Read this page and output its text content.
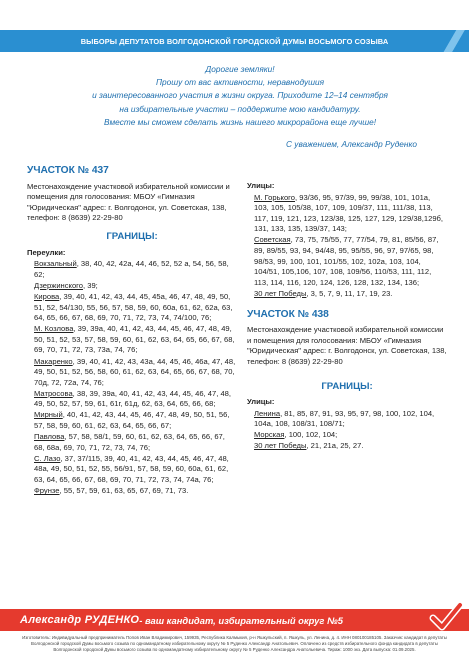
ВЫБОРЫ ДЕПУТАТОВ ВОЛГОДОНСКОЙ ГОРОДСКОЙ ДУМЫ ВОСЬМОГО СОЗЫВА
Дорогие земляки!
Прошу от вас активности, неравнодушия
и заинтересованного участия в жизни округа. Приходите 12–14 сентября
на избирательные участки – поддержите мою кандидатуру.
Вместе мы сможем сделать жизнь нашего микрорайона еще лучше!
С уважением, Александр Руденко
УЧАСТОК № 437
Местонахождение участковой избирательной комиссии и помещения для голосования: МБОУ «Гимназия "Юридическая" адрес: г. Волгодонск, ул. Советская, 138, телефон: 8 (8639) 22-29-80
ГРАНИЦЫ:
Переулки:
Вокзальный, 38, 40, 42, 42а, 44, 46, 52, 52 а, 54, 56, 58, 62;
Дзержинского, 39;
Кирова, 39, 40, 41, 42, 43, 44, 45, 45а, 46, 47, 48, 49, 50, 51, 52, 54/130, 55, 56, 57, 58, 59, 60, 60а, 61, 62, 62а, 63, 64, 65, 66, 67, 68, 69, 70, 71, 72, 73, 74, 74/100, 76;
М. Козлова, 39, 39а, 40, 41, 42, 43, 44, 45, 46, 47, 48, 49, 50, 51, 52, 53, 57, 58, 59, 60, 61, 62, 63, 64, 65, 66, 67, 68, 69, 70, 71, 72, 73, 73а, 74, 76;
Макаренко, 39, 40, 41, 42, 43, 43а, 44, 45, 46, 46а, 47, 48, 49, 50, 51, 52, 56, 58, 60, 61, 62, 63, 64, 65, 66, 67, 68, 70, 70д, 72, 72а, 74, 76;
Матросова, 38, 39, 39а, 40, 41, 42, 43, 44, 45, 46, 47, 48, 49, 50, 52, 57, 59, 61, 61г, 61д, 62, 63, 64, 65, 66, 68;
Мирный, 40, 41, 42, 43, 44, 45, 46, 47, 48, 49, 50, 51, 56, 57, 58, 59, 60, 61, 62, 63, 64, 65, 66, 67;
Павлова, 57, 58, 58/1, 59, 60, 61, 62, 63, 64, 65, 66, 67, 68, 68а, 69, 70, 71, 72, 73, 74, 76;
С. Лазо, 37, 37/115, 39, 40, 41, 42, 43, 44, 45, 46, 47, 48, 48а, 49, 50, 51, 52, 55, 56/91, 57, 58, 59, 60, 60а, 61, 62, 63, 64, 65, 66, 67, 68, 69, 70, 71, 72, 73, 74, 74а, 76;
Фрунзе, 55, 57, 59, 61, 63, 65, 67, 69, 71, 73.
Улицы:
М. Горького, 93/36, 95, 97/39, 99, 99/38, 101, 101а, 103, 105, 105/38, 107, 109, 109/37, 111, 111/38, 113, 117, 119, 121, 123, 123/38, 125, 127, 129, 129/38,129б, 131, 133, 135, 139/37, 143;
Советская, 73, 75, 75/55, 77, 77/54, 79, 81, 85/56, 87, 89, 89/55, 93, 94, 94/48, 95, 95/55, 96, 97, 97/65, 98, 98/53, 99, 100, 101, 101/55, 102, 102а, 103, 104, 104/51, 105,106, 107, 108, 109/56, 110/53, 111, 112, 113, 114, 116, 120, 124, 126, 128, 132, 134, 136;
30 лет Победы, 3, 5, 7, 9, 11, 17, 19, 23.
УЧАСТОК № 438
Местонахождение участковой избирательной комиссии и помещения для голосования: МБОУ «Гимназия "Юридическая" адрес: г. Волгодонск, ул. Советская, 138, телефон: 8 (8639) 22-29-80
ГРАНИЦЫ:
Улицы:
Ленина, 81, 85, 87, 91, 93, 95, 97, 98, 100, 102, 104, 104а, 108, 108/31, 108/71;
Морская, 100, 102, 104;
30 лет Победы, 21, 21а, 25, 27.
Александр РУДЕНКО - ваш кандидат, избирательный округ №5
Изготовитель: Индивидуальный предприниматель Попов Иван Владимирович, 159935, Республика Калмыкия, р-н Яшкульский, п. Яшкуль, ул. Ленина, д. 4. ИНН 080100185105. Заказчик: кандидат в депутаты Волгодонской городской Думы восьмого созыва по одномандатному избирательному округу № 5 Руденко Александр Анатольевич. Оплачено из средств избирательного фонда кандидата в депутаты Волгодонской городской Думы восьмого созыва по одномандатному избирательному округу № 5 Руденко Александра Анатольевича. Тираж: 1000 экз. Дата выпуска: 01.09.2025.
